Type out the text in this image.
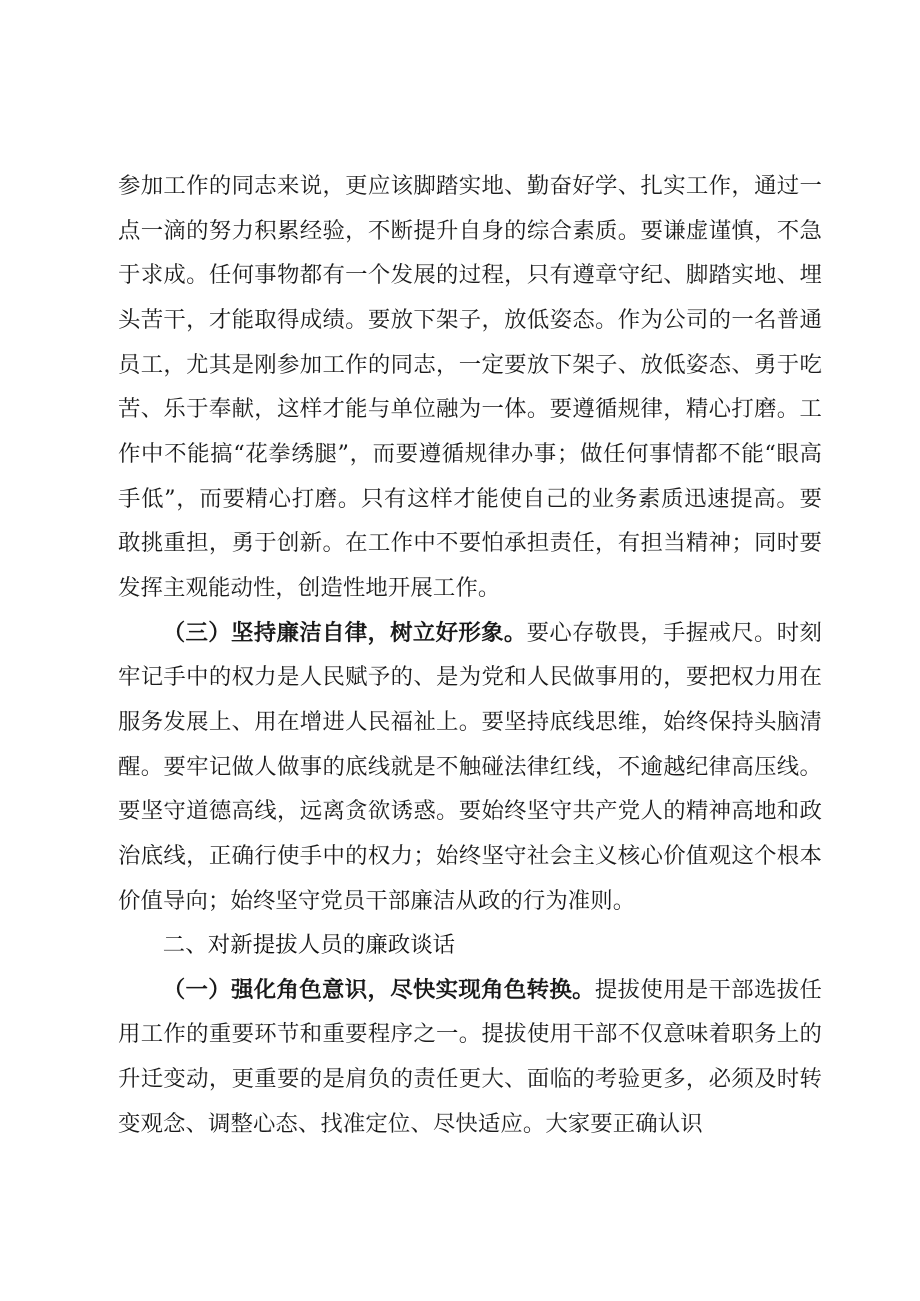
参加工作的同志来说，更应该脚踏实地、勤奋好学、扎实工作，通过一点一滴的努力积累经验，不断提升自身的综合素质。要谦虚谨慎，不急于求成。任何事物都有一个发展的过程，只有遵章守纪、脚踏实地、埋头苦干，才能取得成绩。要放下架子，放低姿态。作为公司的一名普通员工，尤其是刚参加工作的同志，一定要放下架子、放低姿态、勇于吃苦、乐于奉献，这样才能与单位融为一体。要遵循规律，精心打磨。工作中不能搞“花拳绣腿”，而要遵循规律办事；做任何事情都不能“眼高手低”，而要精心打磨。只有这样才能使自己的业务素质迅速提高。要敢挑重担，勇于创新。在工作中不要怕承担责任，有担当精神；同时要发挥主观能动性，创造性地开展工作。

（三）坚持廉洁自律，树立好形象。要心存敬畏，手握戒尺。时刻牢记手中的权力是人民赋予的、是为党和人民做事用的，要把权力用在服务发展上、用在增进人民福祉上。要坚持底线思维，始终保持头脑清醒。要牢记做人做事的底线就是不触碰法律红线，不逾越纪律高压线。要坚守道德高线，远离贪欲诱惑。要始终坚守共产党人的精神高地和政治底线，正确行使手中的权力；始终坚守社会主义核心价值观这个根本价值导向；始终坚守党员干部廉洁从政的行为准则。

二、对新提拔人员的廉政谈话

（一）强化角色意识，尽快实现角色转换。提拔使用是干部选拔任用工作的重要环节和重要程序之一。提拔使用干部不仅意味着职务上的升迁变动，更重要的是肩负的责任更大、面临的考验更多，必须及时转变观念、调整心态、找准定位、尽快适应。大家要正确认识
